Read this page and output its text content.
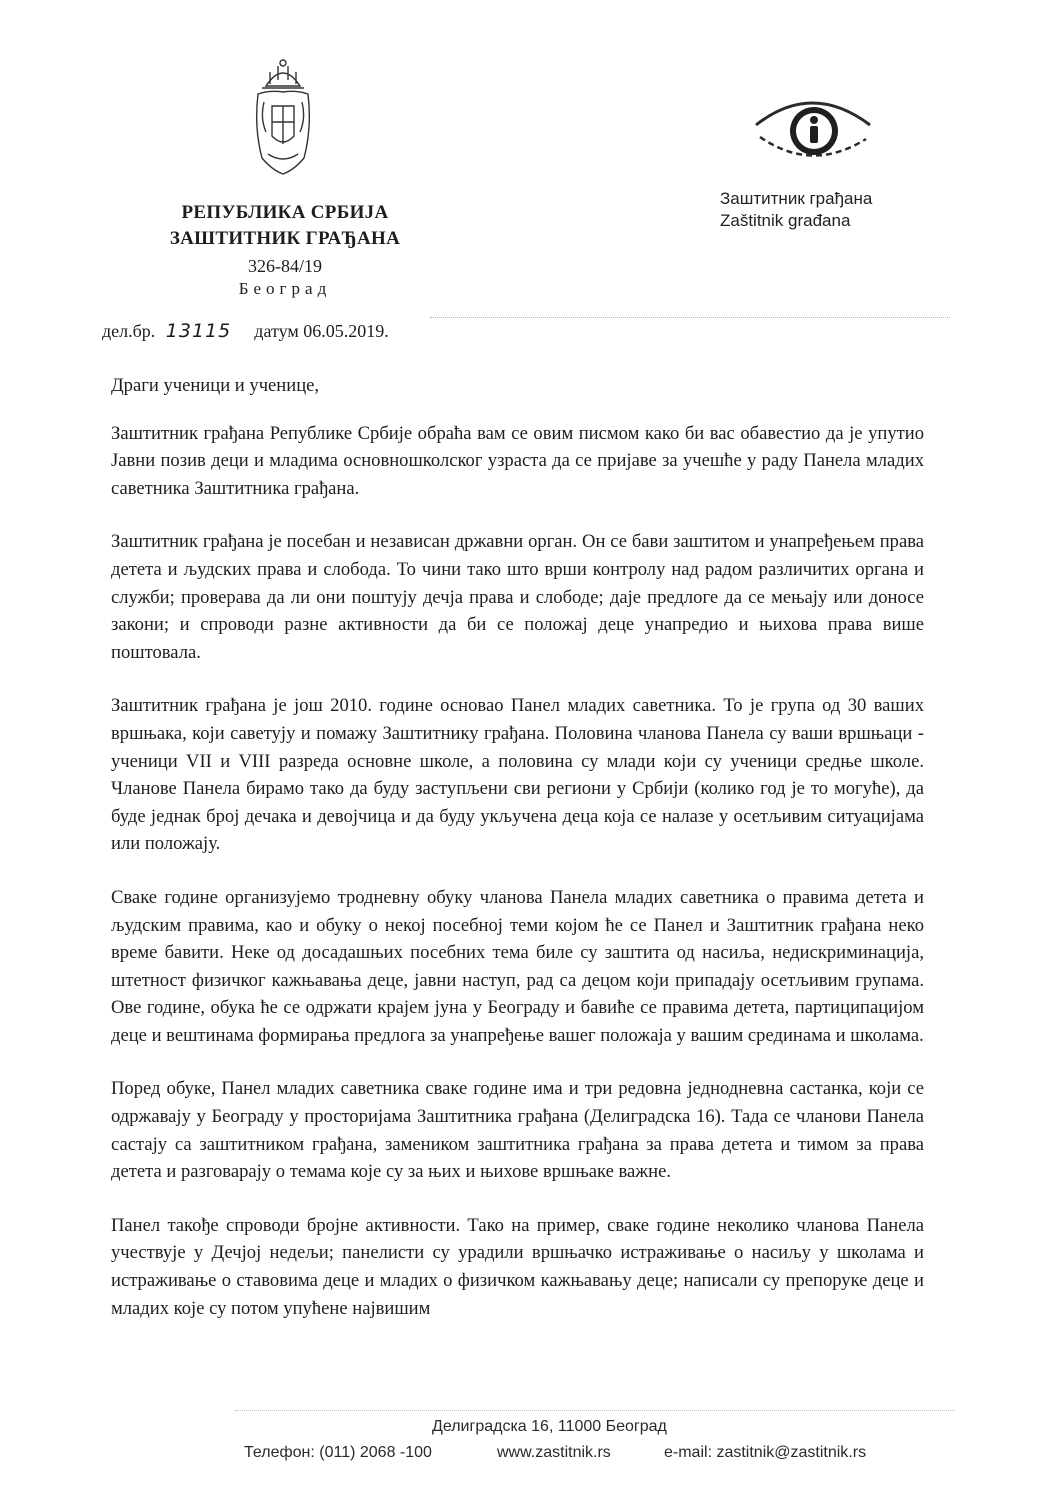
РЕПУБЛИКА СРБИЈА
ЗАШТИТНИК ГРАЂАНА
326-84/19
Београд
Заштитник грађана
Zaštitnik građana
дел.бр. 13115 датум 06.05.2019.

Драги ученици и ученице,

Заштитник грађана Републике Србије обраћа вам се овим писмом како би вас обавестио да је упутио Јавни позив деци и младима основношколског узраста да се пријаве за учешће у раду Панела младих саветника Заштитника грађана.

Заштитник грађана је посебан и независан државни орган. Он се бави заштитом и унапређењем права детета и људских права и слобода. То чини тако што врши контролу над радом различитих органа и служби; проверава да ли они поштују дечја права и слободе; даје предлоге да се мењају или доносе закони; и спроводи разне активности да би се положај деце унапредио и њихова права више поштовала.

Заштитник грађана је још 2010. године основао Панел младих саветника. То је група од 30 ваших вршњака, који саветују и помажу Заштитнику грађана. Половина чланова Панела су ваши вршњаци - ученици VII и VIII разреда основне школе, а половина су млади који су ученици средње школе. Чланове Панела бирамо тако да буду заступљени сви региони у Србији (колико год је то могуће), да буде једнак број дечака и девојчица и да буду укључена деца која се налазе у осетљивим ситуацијама или положају.

Сваке године организујемо тродневну обуку чланова Панела младих саветника о правима детета и људским правима, као и обуку о некој посебној теми којом ће се Панел и Заштитник грађана неко време бавити. Неке од досадашњих посебних тема биле су заштита од насиља, недискриминација, штетност физичког кажњавања деце, јавни наступ, рад са децом који припадају осетљивим групама. Ове године, обука ће се одржати крајем јуна у Београду и бавиће се правима детета, партиципацијом деце и вештинама формирања предлога за унапређење вашег положаја у вашим срединама и школама.

Поред обуке, Панел младих саветника сваке године има и три редовна једнодневна састанка, који се одржавају у Београду у просторијама Заштитника грађана (Делиградска 16). Тада се чланови Панела састају са заштитником грађана, замеником заштитника грађана за права детета и тимом за права детета и разговарају о темама које су за њих и њихове вршњаке важне.

Панел такође спроводи бројне активности. Тако на пример, сваке године неколико чланова Панела учествује у Дечјој недељи; панелисти су урадили вршњачко истраживање о насиљу у школама и истраживање о ставовима деце и младих о физичком кажњавању деце; написали су препоруке деце и младих које су потом упућене највишим

Делиградска 16, 11000 Београд
Телефон: (011) 2068 -100	www.zastitnik.rs	e-mail: zastitnik@zastitnik.rs
